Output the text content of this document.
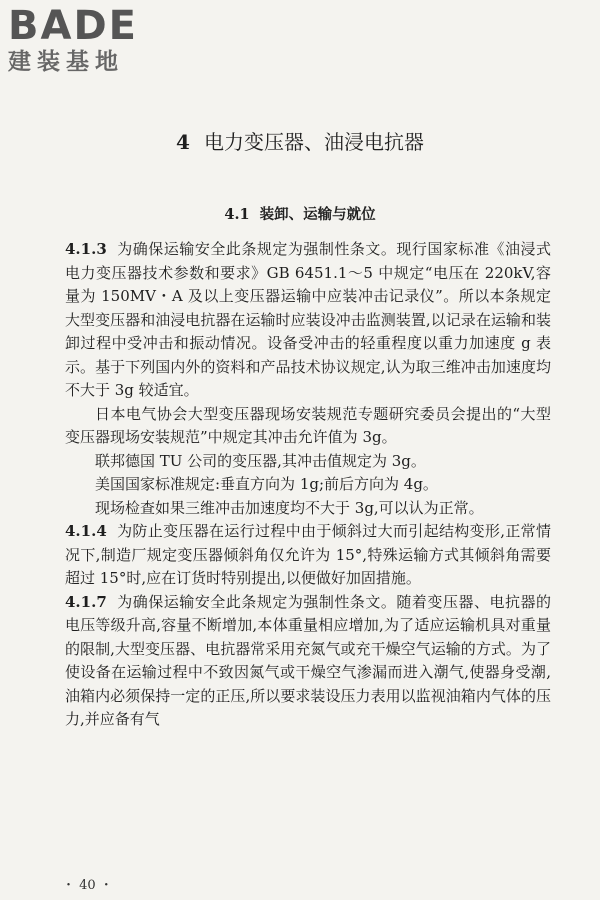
BADE
建装基地
4 电力变压器、油浸电抗器
4.1 装卸、运输与就位

4.1.3 为确保运输安全此条规定为强制性条文。现行国家标准《油浸式电力变压器技术参数和要求》GB 6451.1～5 中规定“电压在 220kV,容量为 150MV・A 及以上变压器运输中应装冲击记录仪”。所以本条规定大型变压器和油浸电抗器在运输时应装设冲击监测装置,以记录在运输和装卸过程中受冲击和振动情况。设备受冲击的轻重程度以重力加速度 g 表示。基于下列国内外的资料和产品技术协议规定,认为取三维冲击加速度均不大于 3g 较适宜。

日本电气协会大型变压器现场安装规范专题研究委员会提出的“大型变压器现场安装规范”中规定其冲击允许值为 3g。

联邦德国 TU 公司的变压器,其冲击值规定为 3g。

美国国家标准规定:垂直方向为 1g;前后方向为 4g。

现场检查如果三维冲击加速度均不大于 3g,可以认为正常。

4.1.4 为防止变压器在运行过程中由于倾斜过大而引起结构变形,正常情况下,制造厂规定变压器倾斜角仅允许为 15°,特殊运输方式其倾斜角需要超过 15°时,应在订货时特别提出,以便做好加固措施。

4.1.7 为确保运输安全此条规定为强制性条文。随着变压器、电抗器的电压等级升高,容量不断增加,本体重量相应增加,为了适应运输机具对重量的限制,大型变压器、电抗器常采用充氮气或充干燥空气运输的方式。为了使设备在运输过程中不致因氮气或干燥空气渗漏而进入潮气,使器身受潮,油箱内必须保持一定的正压,所以要求装设压力表用以监视油箱内气体的压力,并应备有气

・ 40 ・
